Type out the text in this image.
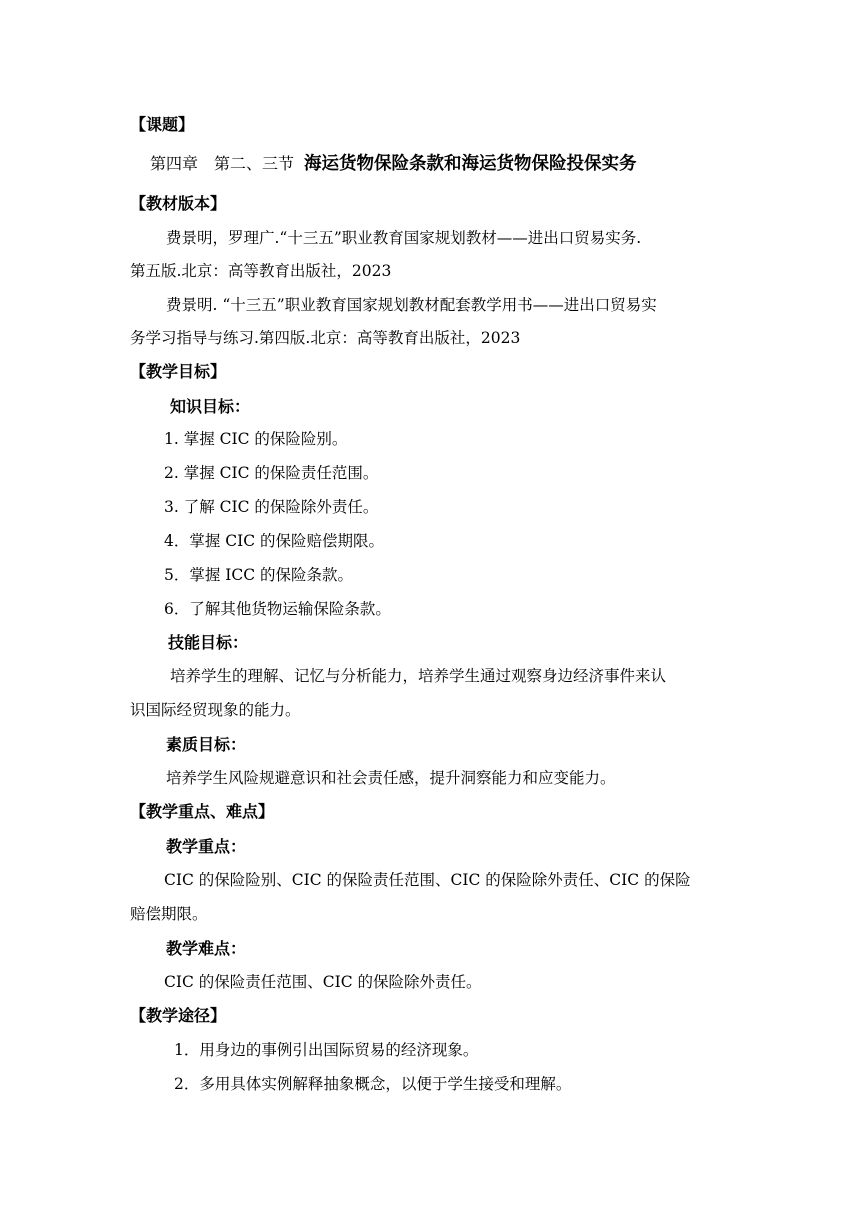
【课题】
第四章　第二、三节 海运货物保险条款和海运货物保险投保实务
【教材版本】
费景明，罗理广.“十三五”职业教育国家规划教材——进出口贸易实务.
第五版.北京：高等教育出版社，2023
费景明. “十三五”职业教育国家规划教材配套教学用书——进出口贸易实
务学习指导与练习.第四版.北京：高等教育出版社，2023
【教学目标】
知识目标：
1. 掌握 CIC 的保险险别。
2. 掌握 CIC 的保险责任范围。
3. 了解 CIC 的保险除外责任。
4．掌握 CIC 的保险赔偿期限。
5．掌握 ICC 的保险条款。
6．了解其他货物运输保险条款。
技能目标：
培养学生的理解、记忆与分析能力，培养学生通过观察身边经济事件来认
识国际经贸现象的能力。
素质目标：
培养学生风险规避意识和社会责任感，提升洞察能力和应变能力。
【教学重点、难点】
教学重点：
CIC 的保险险别、CIC 的保险责任范围、CIC 的保险除外责任、CIC 的保险
赔偿期限。
教学难点：
CIC 的保险责任范围、CIC 的保险除外责任。
【教学途径】
1．用身边的事例引出国际贸易的经济现象。
2．多用具体实例解释抽象概念，以便于学生接受和理解。
